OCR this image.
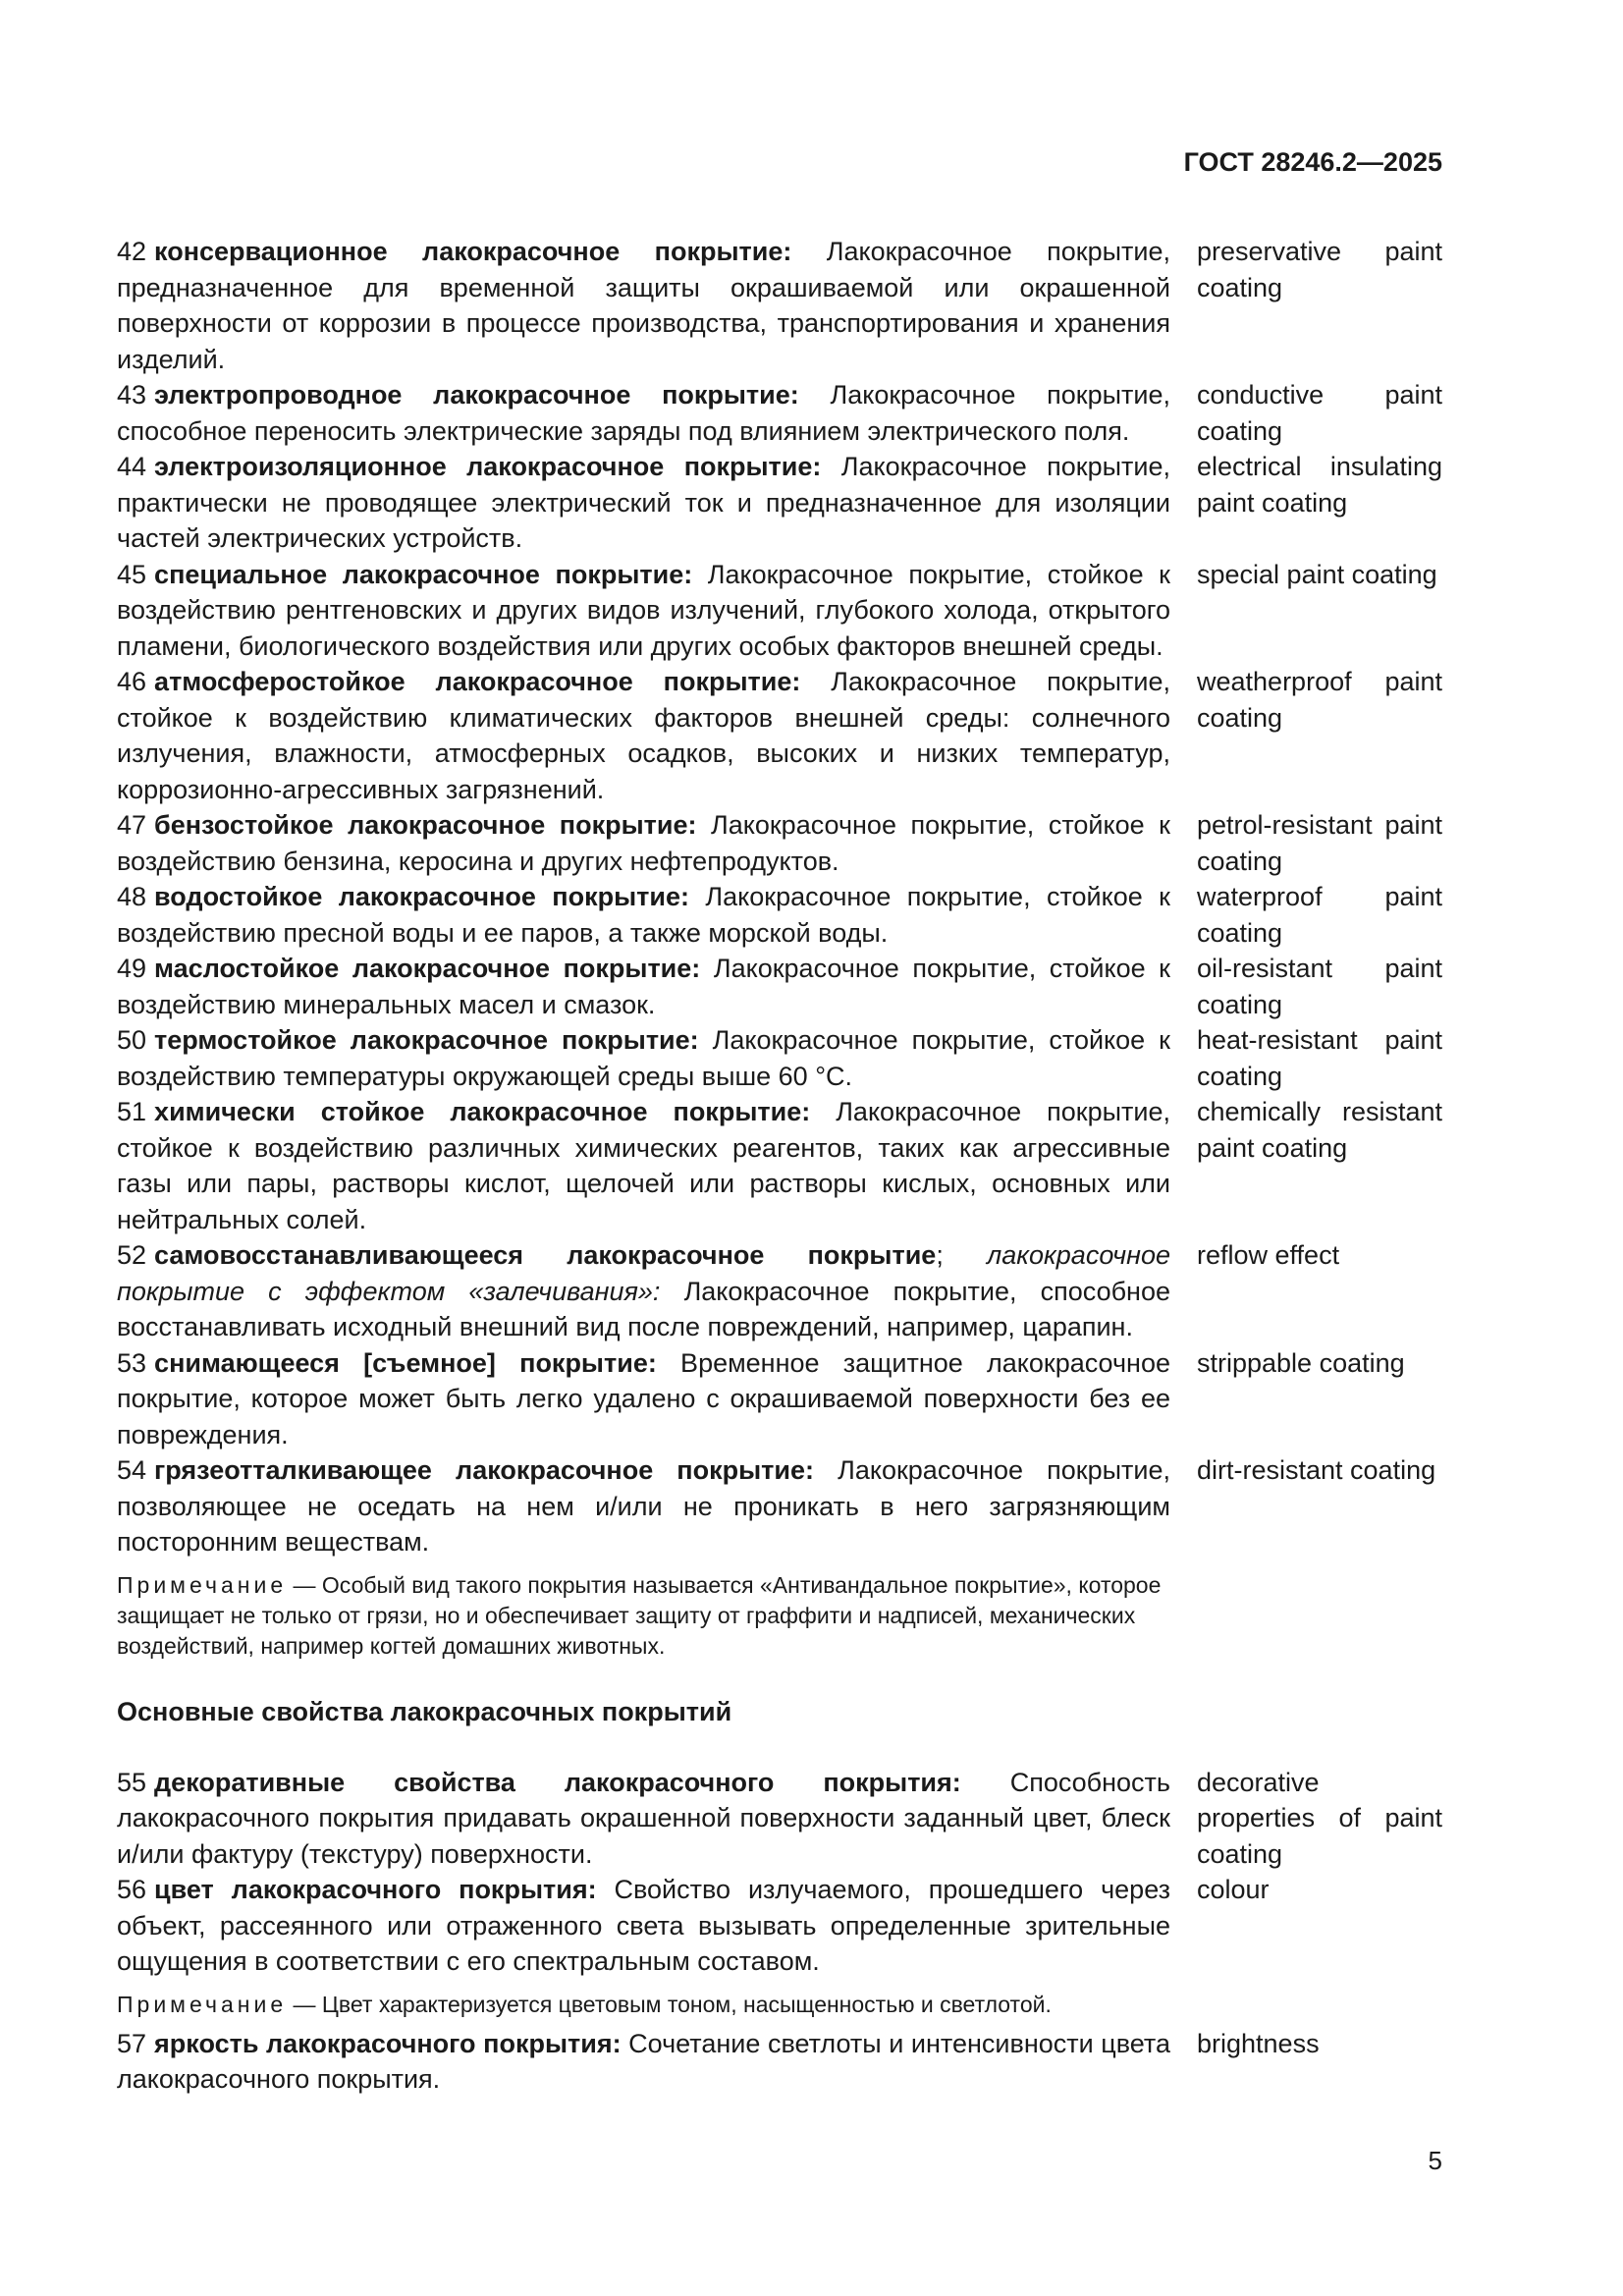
ГОСТ 28246.2—2025
42 консервационное лакокрасочное покрытие: Лакокрасочное покрытие, предназначенное для временной защиты окрашиваемой или окрашенной поверхности от коррозии в процессе производства, транспортирования и хранения изделий.
preservative paint coating
43 электропроводное лакокрасочное покрытие: Лакокрасочное покрытие, способное переносить электрические заряды под влиянием электрического поля.
conductive paint coating
44 электроизоляционное лакокрасочное покрытие: Лакокрасочное покрытие, практически не проводящее электрический ток и предназначенное для изоляции частей электрических устройств.
electrical insulating paint coating
45 специальное лакокрасочное покрытие: Лакокрасочное покрытие, стойкое к воздействию рентгеновских и других видов излучений, глубокого холода, открытого пламени, биологического воздействия или других особых факторов внешней среды.
special paint coating
46 атмосферостойкое лакокрасочное покрытие: Лакокрасочное покрытие, стойкое к воздействию климатических факторов внешней среды: солнечного излучения, влажности, атмосферных осадков, высоких и низких температур, коррозионно-агрессивных загрязнений.
weatherproof paint coating
47 бензостойкое лакокрасочное покрытие: Лакокрасочное покрытие, стойкое к воздействию бензина, керосина и других нефтепродуктов.
petrol-resistant paint coating
48 водостойкое лакокрасочное покрытие: Лакокрасочное покрытие, стойкое к воздействию пресной воды и ее паров, а также морской воды.
waterproof paint coating
49 маслостойкое лакокрасочное покрытие: Лакокрасочное покрытие, стойкое к воздействию минеральных масел и смазок.
oil-resistant paint coating
50 термостойкое лакокрасочное покрытие: Лакокрасочное покрытие, стойкое к воздействию температуры окружающей среды выше 60 °С.
heat-resistant paint coating
51 химически стойкое лакокрасочное покрытие: Лакокрасочное покрытие, стойкое к воздействию различных химических реагентов, таких как агрессивные газы или пары, растворы кислот, щелочей или растворы кислых, основных или нейтральных солей.
chemically resistant paint coating
52 самовосстанавливающееся лакокрасочное покрытие; лакокрасочное покрытие с эффектом «залечивания»: Лакокрасочное покрытие, способное восстанавливать исходный внешний вид после повреждений, например, царапин.
reflow effect
53 снимающееся [съемное] покрытие: Временное защитное лакокрасочное покрытие, которое может быть легко удалено с окрашиваемой поверхности без ее повреждения.
strippable coating
54 грязеотталкивающее лакокрасочное покрытие: Лакокрасочное покрытие, позволяющее не оседать на нем и/или не проникать в него загрязняющим посторонним веществам.
dirt-resistant coating
Примечание — Особый вид такого покрытия называется «Антивандальное покрытие», которое защищает не только от грязи, но и обеспечивает защиту от граффити и надписей, механических воздействий, например когтей домашних животных.
Основные свойства лакокрасочных покрытий
55 декоративные свойства лакокрасочного покрытия: Способность лакокрасочного покрытия придавать окрашенной поверхности заданный цвет, блеск и/или фактуру (текстуру) поверхности.
decorative properties of paint coating
56 цвет лакокрасочного покрытия: Свойство излучаемого, прошедшего через объект, рассеянного или отраженного света вызывать определенные зрительные ощущения в соответствии с его спектральным составом.
colour
Примечание — Цвет характеризуется цветовым тоном, насыщенностью и светлотой.
57 яркость лакокрасочного покрытия: Сочетание светлоты и интенсивности цвета лакокрасочного покрытия.
brightness
5
